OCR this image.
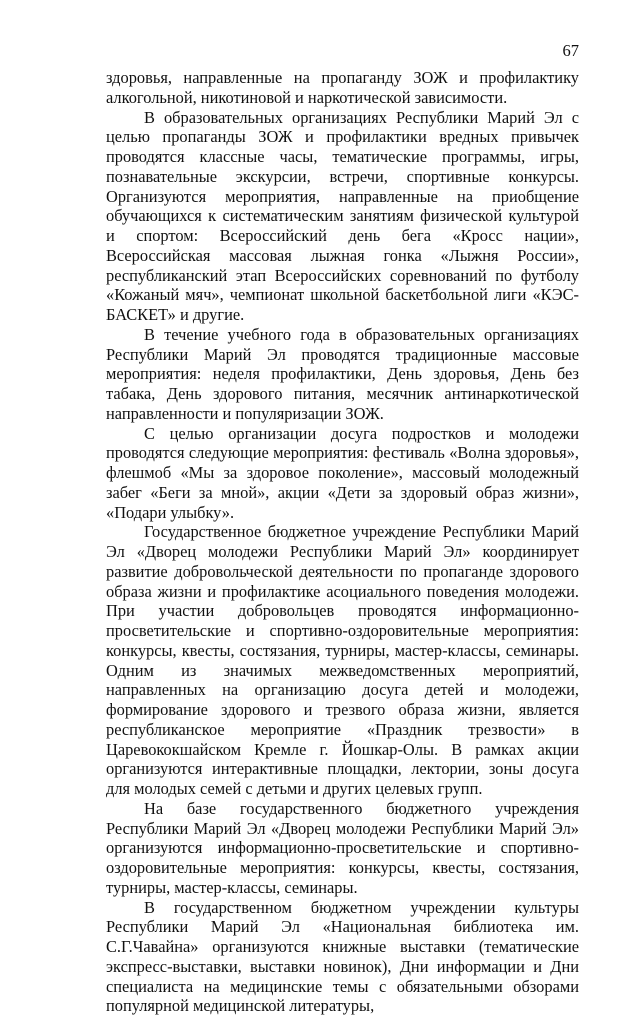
67

здоровья, направленные на пропаганду ЗОЖ и профилактику алкогольной, никотиновой и наркотической зависимости.

В образовательных организациях Республики Марий Эл с целью пропаганды ЗОЖ и профилактики вредных привычек проводятся классные часы, тематические программы, игры, познавательные экскурсии, встречи, спортивные конкурсы. Организуются мероприятия, направленные на приобщение обучающихся к систематическим занятиям физической культурой и спортом: Всероссийский день бега «Кросс нации», Всероссийская массовая лыжная гонка «Лыжня России», республиканский этап Всероссийских соревнований по футболу «Кожаный мяч», чемпионат школьной баскетбольной лиги «КЭС-БАСКЕТ» и другие.

В течение учебного года в образовательных организациях Республики Марий Эл проводятся традиционные массовые мероприятия: неделя профилактики, День здоровья, День без табака, День здорового питания, месячник антинаркотической направленности и популяризации ЗОЖ.

С целью организации досуга подростков и молодежи проводятся следующие мероприятия: фестиваль «Волна здоровья», флешмоб «Мы за здоровое поколение», массовый молодежный забег «Беги за мной», акции «Дети за здоровый образ жизни», «Подари улыбку».

Государственное бюджетное учреждение Республики Марий Эл «Дворец молодежи Республики Марий Эл» координирует развитие добровольческой деятельности по пропаганде здорового образа жизни и профилактике асоциального поведения молодежи. При участии добровольцев проводятся информационно-просветительские и спортивно-оздоровительные мероприятия: конкурсы, квесты, состязания, турниры, мастер-классы, семинары. Одним из значимых межведомственных мероприятий, направленных на организацию досуга детей и молодежи, формирование здорового и трезвого образа жизни, является республиканское мероприятие «Праздник трезвости» в Царевококшайском Кремле г. Йошкар-Олы. В рамках акции организуются интерактивные площадки, лектории, зоны досуга для молодых семей с детьми и других целевых групп.

На базе государственного бюджетного учреждения Республики Марий Эл «Дворец молодежи Республики Марий Эл» организуются информационно-просветительские и спортивно-оздоровительные мероприятия: конкурсы, квесты, состязания, турниры, мастер-классы, семинары.

В государственном бюджетном учреждении культуры Республики Марий Эл «Национальная библиотека им. С.Г.Чавайна» организуются книжные выставки (тематические экспресс-выставки, выставки новинок), Дни информации и Дни специалиста на медицинские темы с обязательными обзорами популярной медицинской литературы,
